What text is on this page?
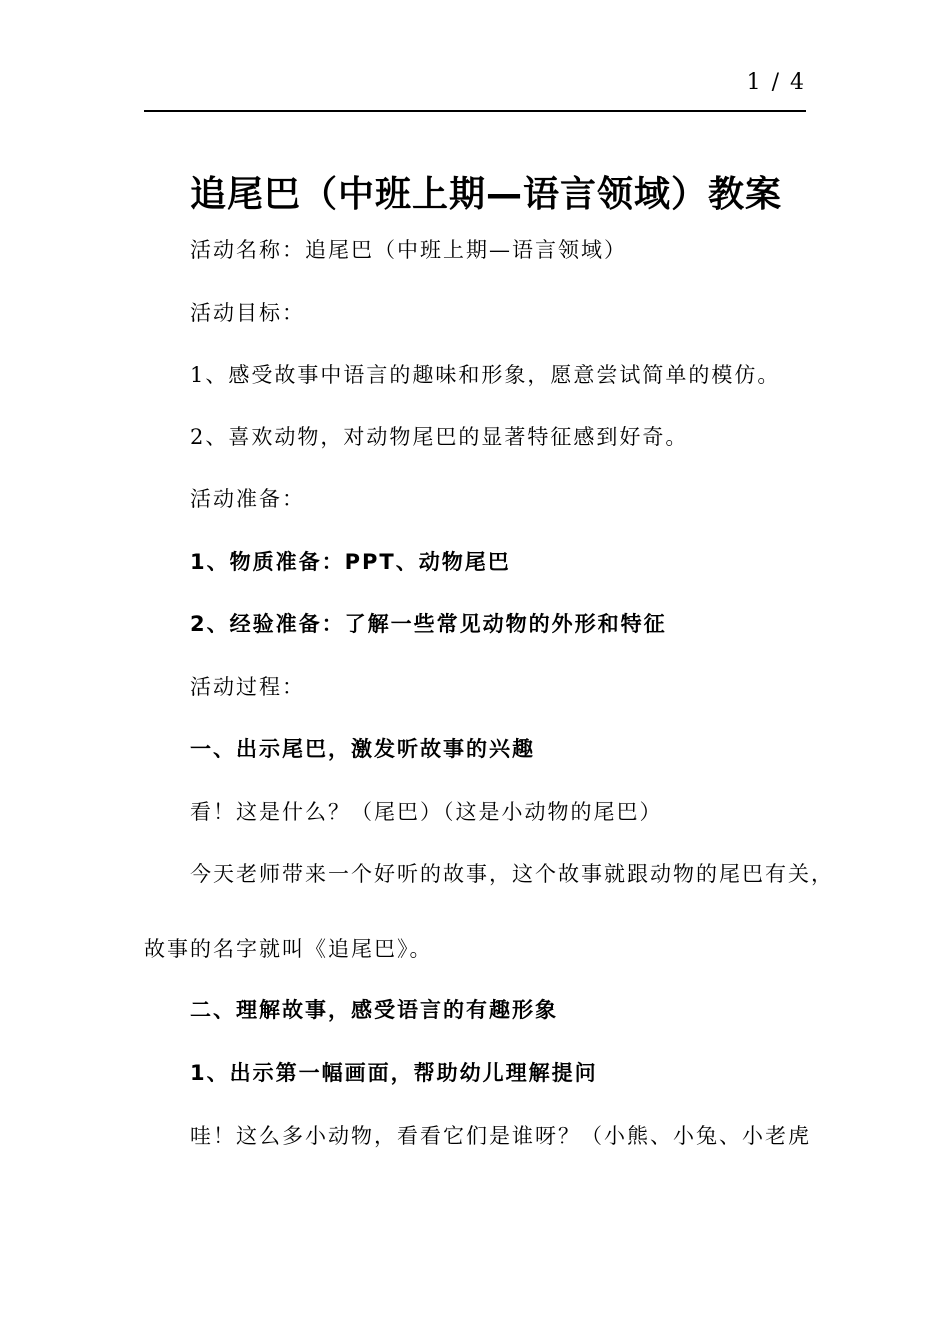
1 / 4
追尾巴（中班上期—语言领域）教案
活动名称：追尾巴（中班上期—语言领域）
活动目标：
1、感受故事中语言的趣味和形象，愿意尝试简单的模仿。
2、喜欢动物，对动物尾巴的显著特征感到好奇。
活动准备：
1、物质准备：PPT、动物尾巴
2、经验准备：了解一些常见动物的外形和特征
活动过程：
一、出示尾巴，激发听故事的兴趣
看！这是什么？（尾巴）（这是小动物的尾巴）
今天老师带来一个好听的故事，这个故事就跟动物的尾巴有关，
故事的名字就叫《追尾巴》。
二、理解故事，感受语言的有趣形象
1、出示第一幅画面，帮助幼儿理解提问
哇！这么多小动物，看看它们是谁呀？（小熊、小兔、小老虎
